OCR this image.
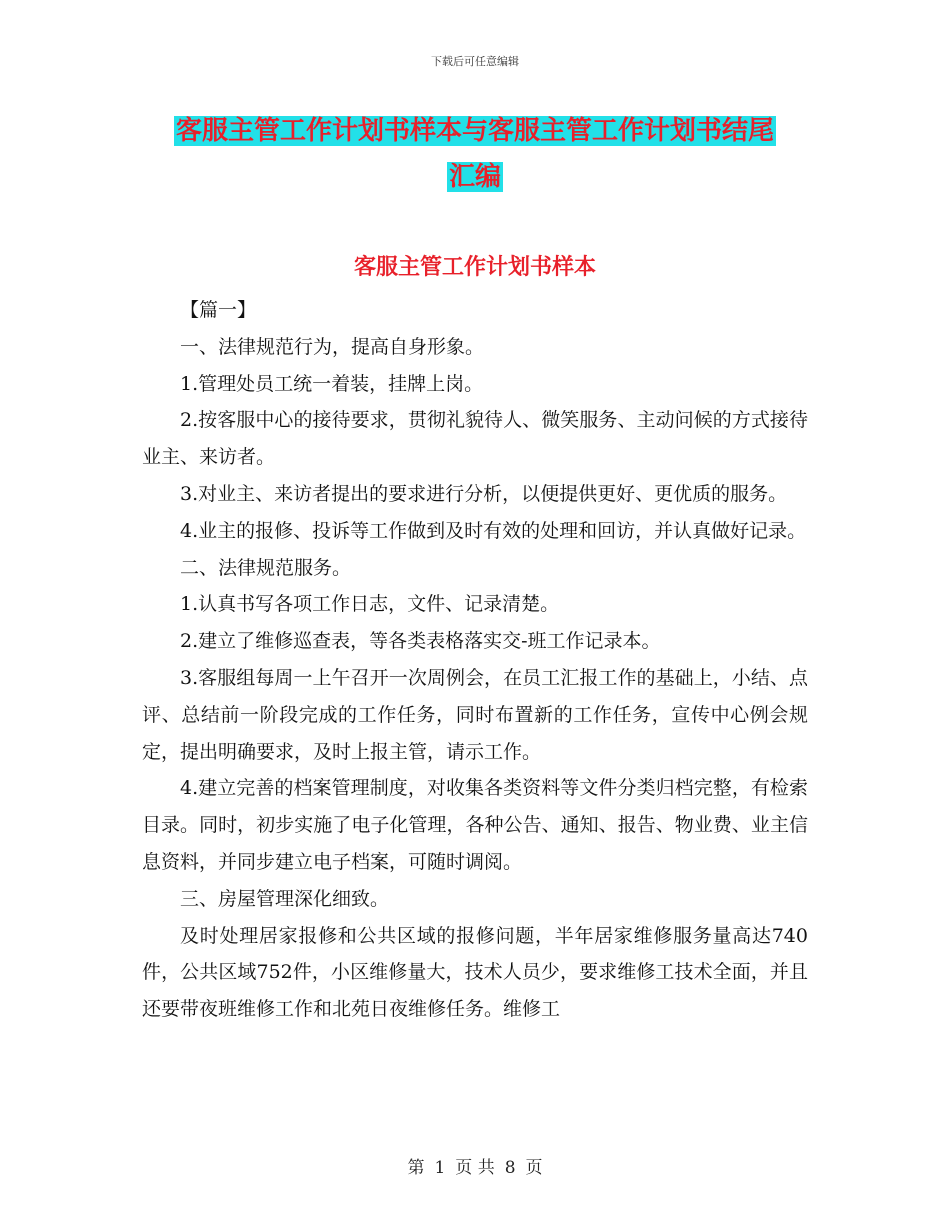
下载后可任意编辑
客服主管工作计划书样本与客服主管工作计划书结尾
汇编
客服主管工作计划书样本

【篇一】

一、法律规范行为，提高自身形象。

1.管理处员工统一着装，挂牌上岗。

2.按客服中心的接待要求，贯彻礼貌待人、微笑服务、主动问候的方式接待业主、来访者。

3.对业主、来访者提出的要求进行分析，以便提供更好、更优质的服务。

4.业主的报修、投诉等工作做到及时有效的处理和回访，并认真做好记录。

二、法律规范服务。

1.认真书写各项工作日志，文件、记录清楚。

2.建立了维修巡查表，等各类表格落实交-班工作记录本。

3.客服组每周一上午召开一次周例会，在员工汇报工作的基础上，小结、点评、总结前一阶段完成的工作任务，同时布置新的工作任务，宣传中心例会规定，提出明确要求，及时上报主管，请示工作。

4.建立完善的档案管理制度，对收集各类资料等文件分类归档完整，有检索目录。同时，初步实施了电子化管理，各种公告、通知、报告、物业费、业主信息资料，并同步建立电子档案，可随时调阅。

三、房屋管理深化细致。

及时处理居家报修和公共区域的报修问题，半年居家维修服务量高达740件，公共区域752件，小区维修量大，技术人员少，要求维修工技术全面，并且还要带夜班维修工作和北苑日夜维修任务。维修工

第 1 页 共 8 页
